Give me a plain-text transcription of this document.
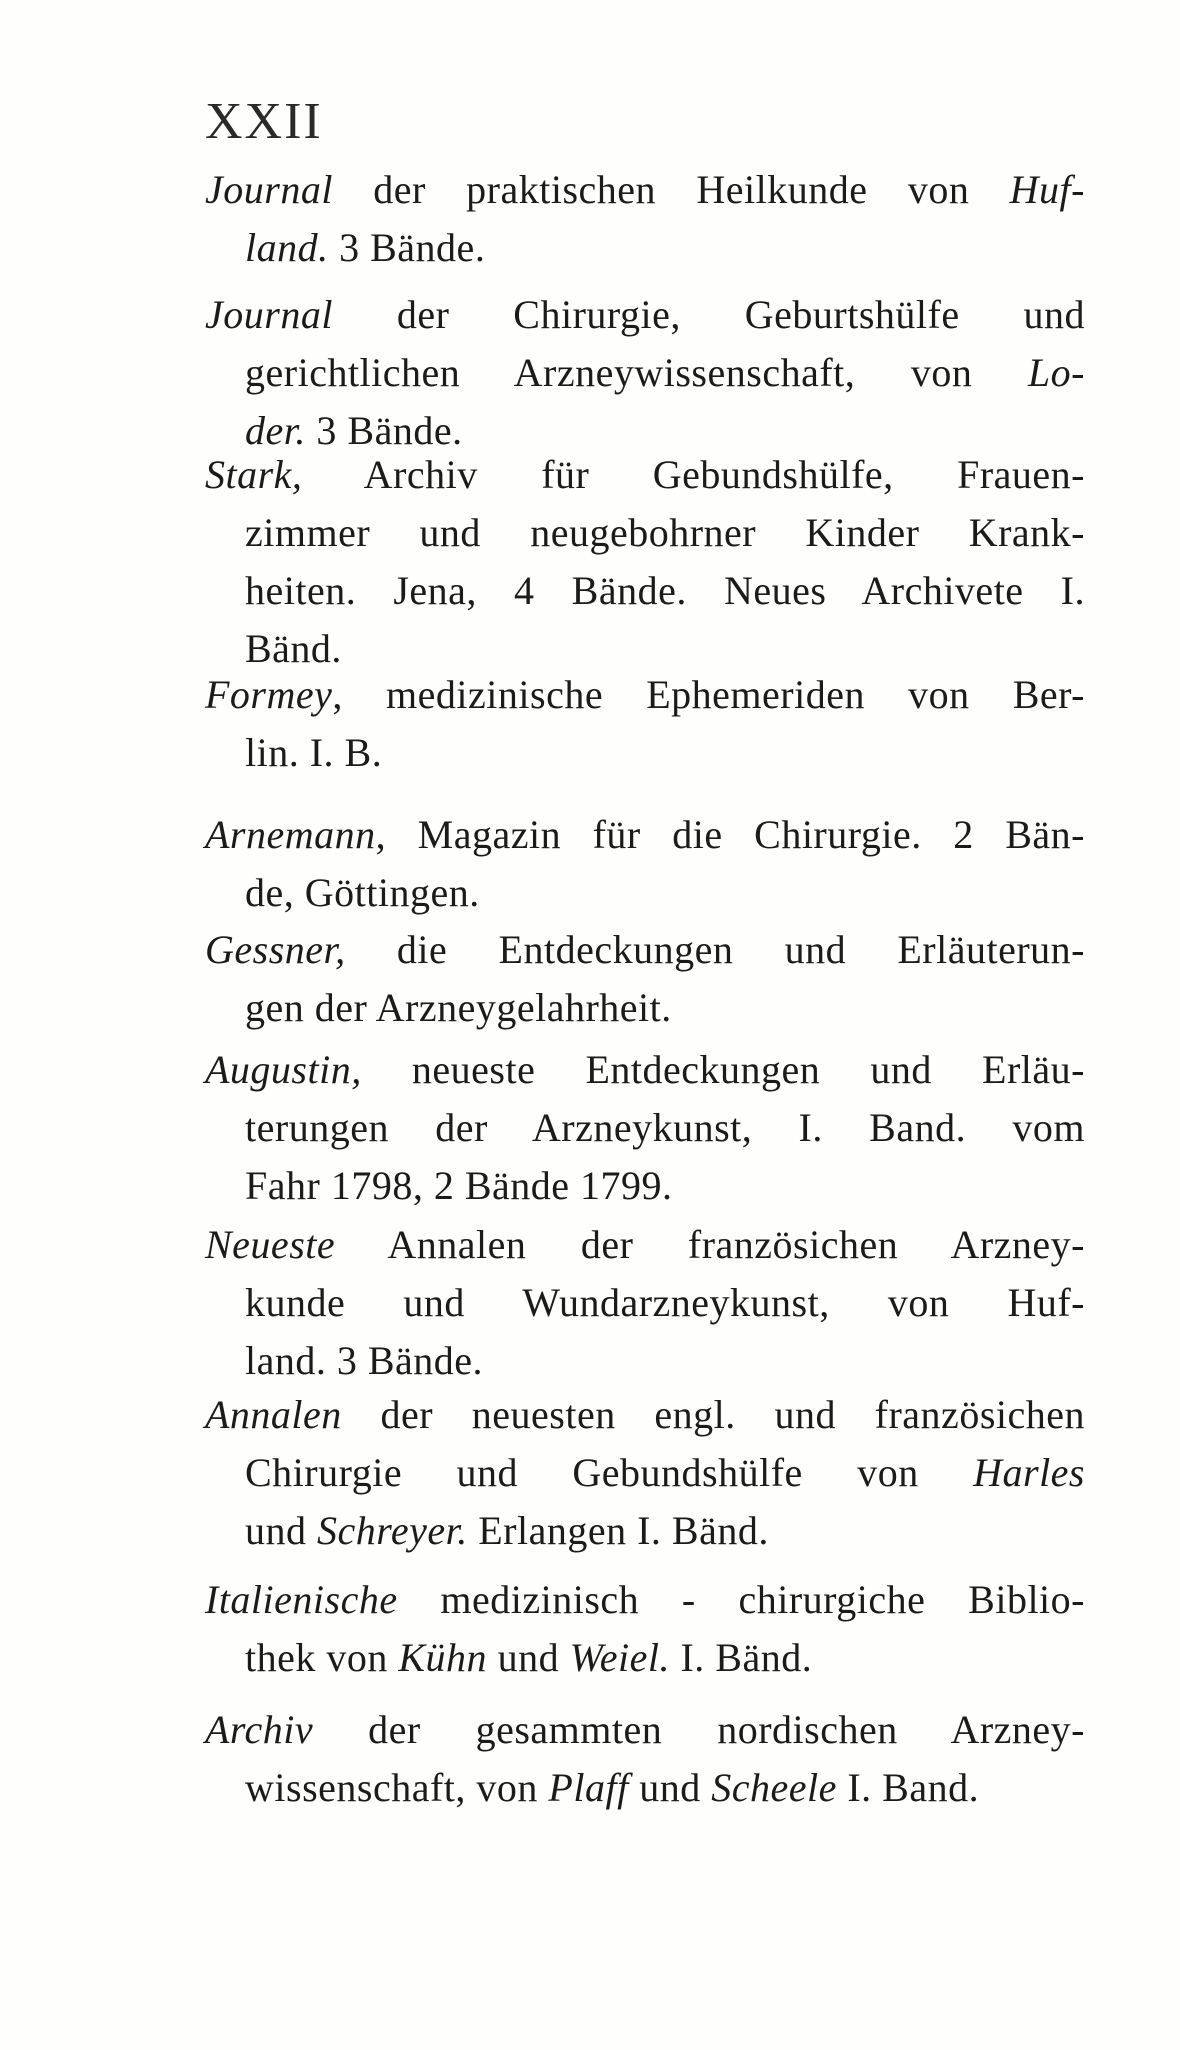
XXII
Journal der praktischen Heilkunde von Huf-
land. 3 Bände.
Journal der Chirurgie, Geburtshülfe und
gerichtlichen Arzneywissenschaft, von Lo-
der. 3 Bände.
Stark, Archiv für Gebundshülfe, Frauen-
zimmer und neugebohrner Kinder Krank-
heiten. Jena, 4 Bände. Neues Archivete I.
Bänd.
Formey, medizinische Ephemeriden von Ber-
lin. I. B.
Arnemann, Magazin für die Chirurgie. 2 Bän-
de, Göttingen.
Gessner, die Entdeckungen und Erläuterun-
gen der Arzneygelahrheit.
Augustin, neueste Entdeckungen und Erläu-
terungen der Arzneykunst, I. Band. vom
Fahr 1798, 2 Bände 1799.
Neueste Annalen der französichen Arzney-
kunde und Wundarzneykunst, von Huf-
land. 3 Bände.
Annalen der neuesten engl. und französichen
Chirurgie und Gebundshülfe von Harles
und Schreyer. Erlangen I. Bänd.
Italienische medizinisch - chirurgiche Biblio-
thek von Kühn und Weiel. I. Bänd.
Archiv der gesammten nordischen Arzney-
wissenschaft, von Plaff und Scheele I. Band.
